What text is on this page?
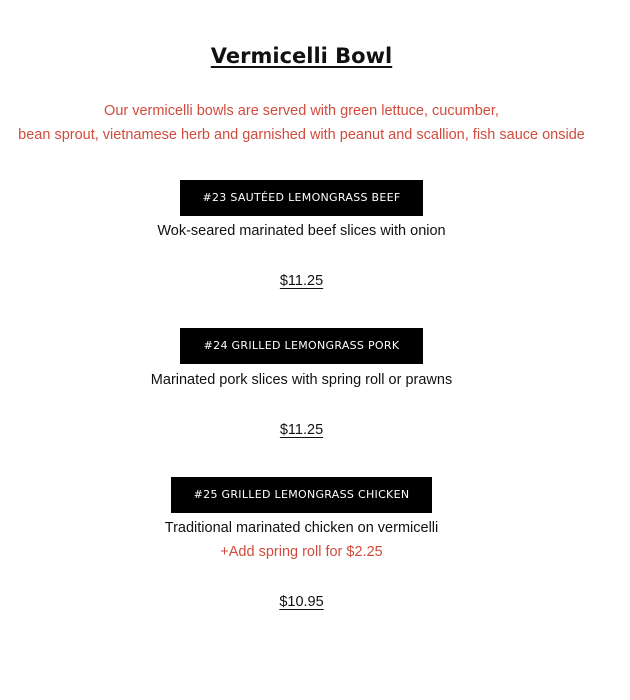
Vermicelli Bowl
Our vermicelli bowls are served with green lettuce, cucumber,
bean sprout, vietnamese herb and garnished with peanut and scallion, fish sauce onside
#23 SAUTÉED LEMONGRASS BEEF
Wok-seared marinated beef slices with onion
$11.25
#24 GRILLED LEMONGRASS PORK
Marinated pork slices with spring roll or prawns
$11.25
#25 GRILLED LEMONGRASS CHICKEN
Traditional marinated chicken on vermicelli
+Add spring roll for $2.25
$10.95
